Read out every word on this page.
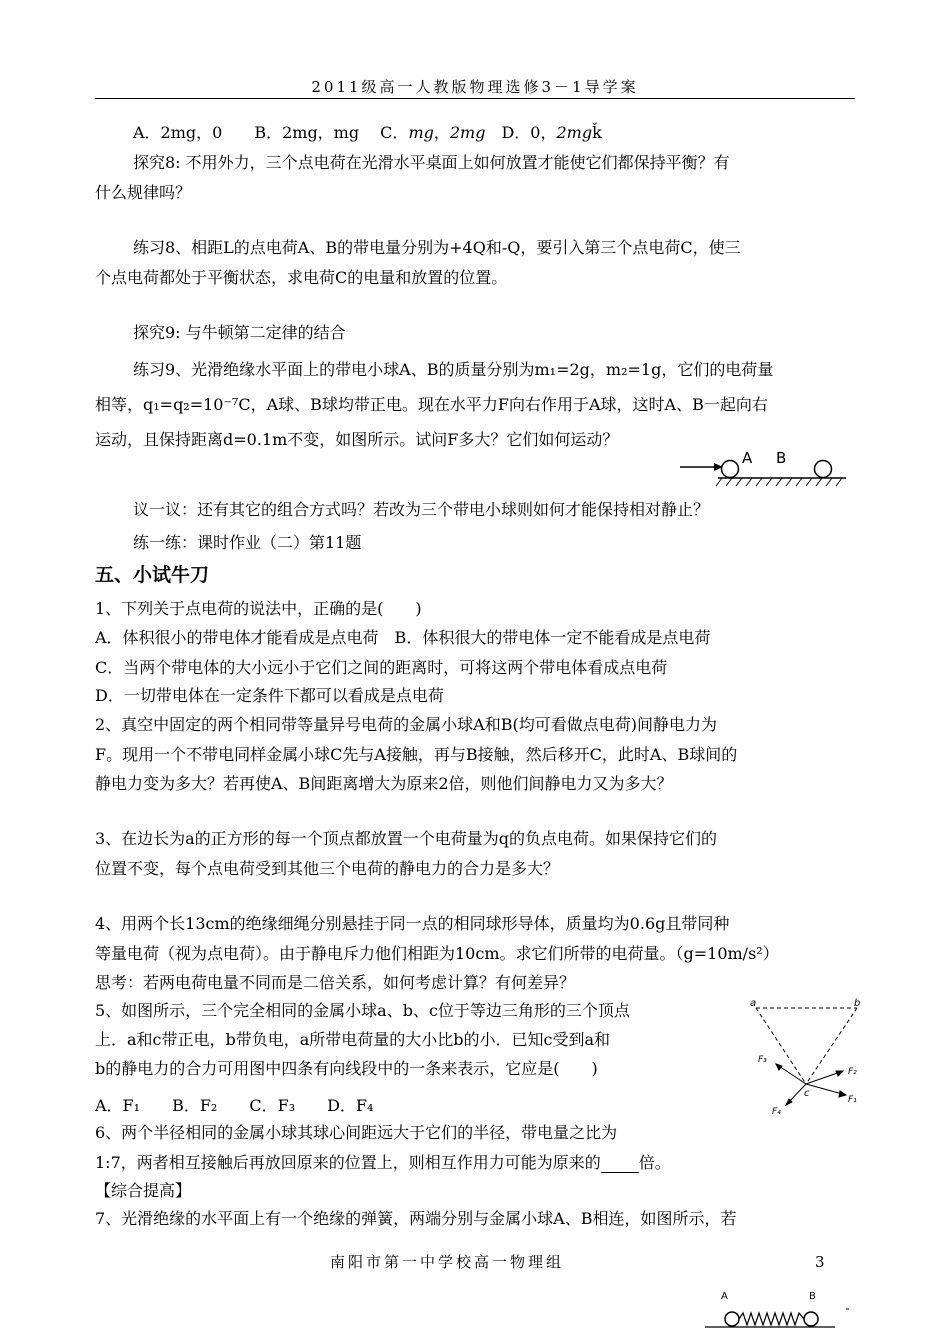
2011级高一人教版物理选修3－1导学案
A．2mg，0　　B．2mg，mg　 C．mg，2mg　D．0，2mgǩ
探究8: 不用外力，三个点电荷在光滑水平桌面上如何放置才能使它们都保持平衡？有
什么规律吗？
练习8、相距L的点电荷A、B的带电量分别为+4Q和-Q，要引入第三个点电荷C，使三
个点电荷都处于平衡状态，求电荷C的电量和放置的位置。
探究9: 与牛顿第二定律的结合
练习9、光滑绝缘水平面上的带电小球A、B的质量分别为m₁=2g，m₂=1g，它们的电荷量
相等，q₁=q₂=10⁻⁷C，A球、B球均带正电。现在水平力F向右作用于A球，这时A、B一起向右
运动，且保持距离d=0.1m不变，如图所示。试问F多大？它们如何运动？
A B
议一议：还有其它的组合方式吗？若改为三个带电小球则如何才能保持相对静止？
练一练：课时作业（二）第11题
五、小试牛刀
1、下列关于点电荷的说法中，正确的是(　　)
A．体积很小的带电体才能看成是点电荷　B．体积很大的带电体一定不能看成是点电荷
C．当两个带电体的大小远小于它们之间的距离时，可将这两个带电体看成点电荷
D．一切带电体在一定条件下都可以看成是点电荷
2、真空中固定的两个相同带等量异号电荷的金属小球A和B(均可看做点电荷)间静电力为
F。现用一个不带电同样金属小球C先与A接触，再与B接触，然后移开C，此时A、B球间的
静电力变为多大？若再使A、B间距离增大为原来2倍，则他们间静电力又为多大？
3、在边长为a的正方形的每一个顶点都放置一个电荷量为q的负点电荷。如果保持它们的
位置不变，每个点电荷受到其他三个电荷的静电力的合力是多大？
4、用两个长13cm的绝缘细绳分别悬挂于同一点的相同球形导体，质量均为0.6g且带同种
等量电荷（视为点电荷）。由于静电斥力他们相距为10cm。求它们所带的电荷量。（g=10m/s²）
思考：若两电荷电量不同而是二倍关系，如何考虑计算？有何差异？
5、如图所示，三个完全相同的金属小球a、b、c位于等边三角形的三个顶点
上．a和c带正电，b带负电，a所带电荷量的大小比b的小．已知c受到a和
b的静电力的合力可用图中四条有向线段中的一条来表示，它应是(　　)
A．F₁　　B．F₂　　C．F₃　　D．F₄
a	b
c
F₁
F₂
F₃
F₄
6、两个半径相同的金属小球其球心间距远大于它们的半径，带电量之比为
1:7，两者相互接触后再放回原来的位置上，则相互作用力可能为原来的 倍。
【综合提高】
7、光滑绝缘的水平面上有一个绝缘的弹簧，两端分别与金属小球A、B相连，如图所示，若
南阳市第一中学校高一物理组	3
A	B
